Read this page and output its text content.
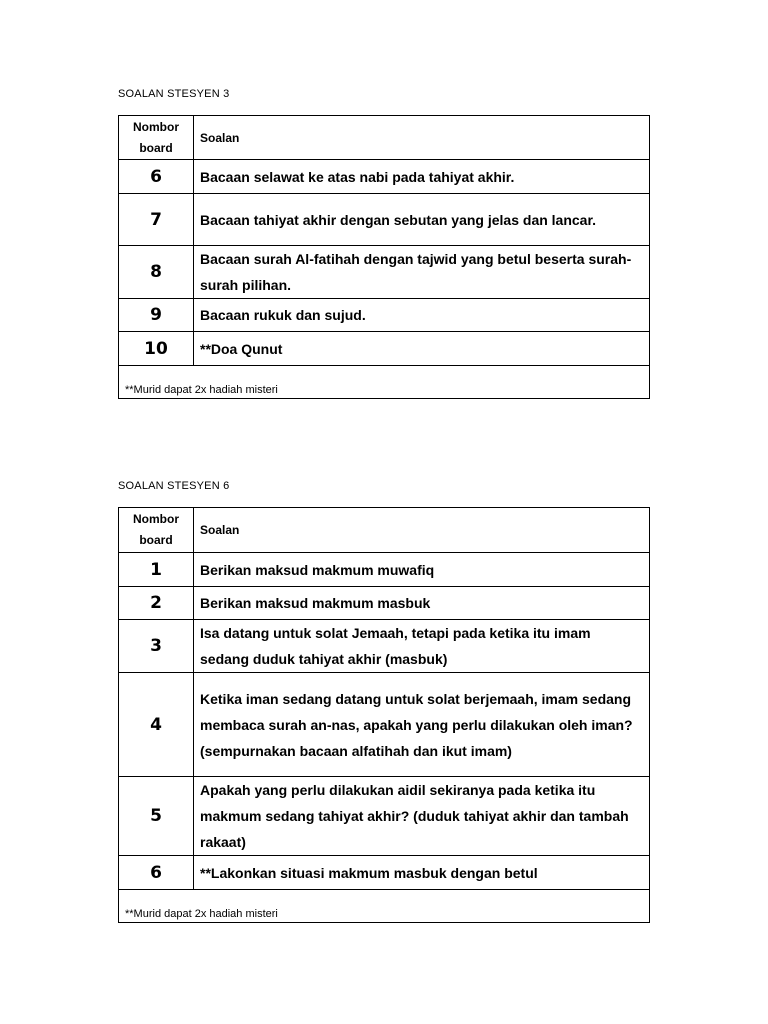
SOALAN STESYEN 3
Nombor board	Soalan
6	Bacaan selawat ke atas nabi pada tahiyat akhir.
7	Bacaan tahiyat akhir dengan sebutan yang jelas dan lancar.
8	Bacaan surah Al-fatihah dengan tajwid yang betul beserta surah-surah pilihan.
9	Bacaan rukuk dan sujud.
10	**Doa Qunut
**Murid dapat 2x hadiah misteri	
SOALAN STESYEN 6
Nombor board	Soalan
1	Berikan maksud makmum muwafiq
2	Berikan maksud makmum masbuk
3	Isa datang untuk solat Jemaah, tetapi pada ketika itu imam sedang duduk tahiyat akhir (masbuk)
4	Ketika iman sedang datang untuk solat berjemaah, imam sedang membaca surah an-nas, apakah yang perlu dilakukan oleh iman? (sempurnakan bacaan alfatihah dan ikut imam)
5	Apakah yang perlu dilakukan aidil sekiranya pada ketika itu makmum sedang tahiyat akhir? (duduk tahiyat akhir dan tambah rakaat)
6	**Lakonkan situasi makmum masbuk dengan betul
**Murid dapat 2x hadiah misteri	
